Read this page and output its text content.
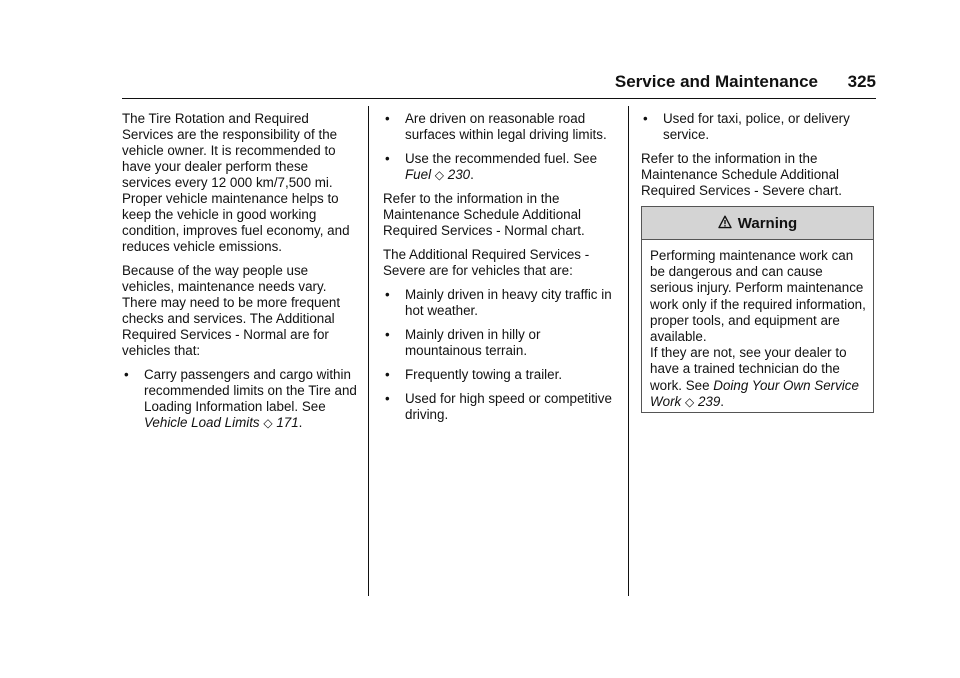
Service and Maintenance	325

The Tire Rotation and Required Services are the responsibility of the vehicle owner. It is recommended to have your dealer perform these services every 12 000 km/7,500 mi. Proper vehicle maintenance helps to keep the vehicle in good working condition, improves fuel economy, and reduces vehicle emissions.

Because of the way people use vehicles, maintenance needs vary. There may need to be more frequent checks and services. The Additional Required Services - Normal are for vehicles that:

• Carry passengers and cargo within recommended limits on the Tire and Loading Information label. See Vehicle Load Limits ◇ 171.
• Are driven on reasonable road surfaces within legal driving limits.
• Use the recommended fuel. See Fuel ◇ 230.

Refer to the information in the Maintenance Schedule Additional Required Services - Normal chart.

The Additional Required Services - Severe are for vehicles that are:

• Mainly driven in heavy city traffic in hot weather.
• Mainly driven in hilly or mountainous terrain.
• Frequently towing a trailer.
• Used for high speed or competitive driving.
• Used for taxi, police, or delivery service.

Refer to the information in the Maintenance Schedule Additional Required Services - Severe chart.

Warning
Performing maintenance work can be dangerous and can cause serious injury. Perform maintenance work only if the required information, proper tools, and equipment are available.
If they are not, see your dealer to have a trained technician do the work. See Doing Your Own Service Work ◇ 239.
